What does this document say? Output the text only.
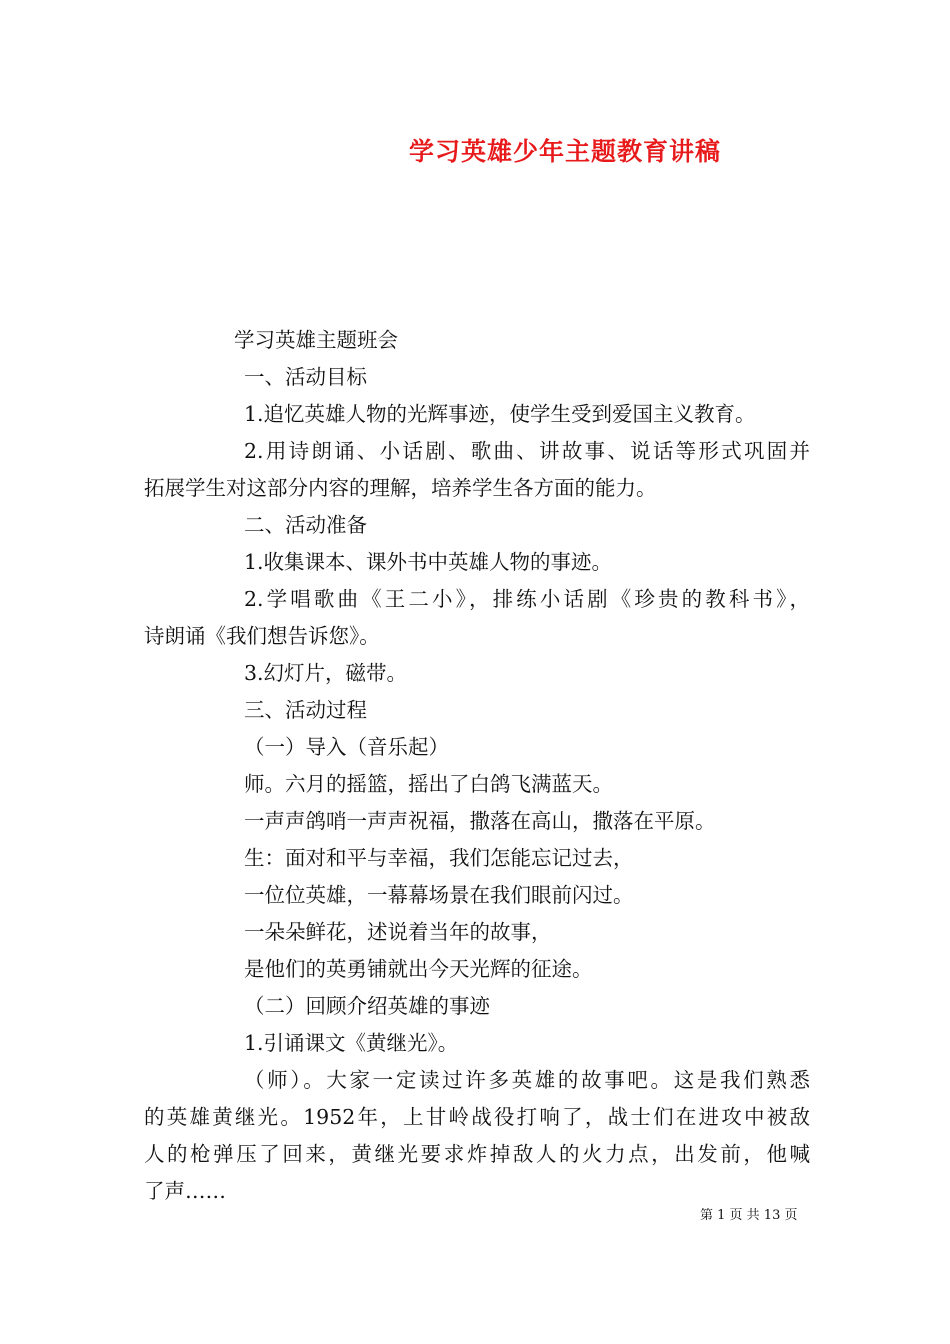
学习英雄少年主题教育讲稿
学习英雄主题班会
一、活动目标
1.追忆英雄人物的光辉事迹，使学生受到爱国主义教育。
2.用诗朗诵、小话剧、歌曲、讲故事、说话等形式巩固并
拓展学生对这部分内容的理解，培养学生各方面的能力。
二、活动准备
1.收集课本、课外书中英雄人物的事迹。
2.学唱歌曲《王二小》，排练小话剧《珍贵的教科书》，
诗朗诵《我们想告诉您》。
3.幻灯片，磁带。
三、活动过程
（一）导入（音乐起）
师。六月的摇篮，摇出了白鸽飞满蓝天。
一声声鸽哨一声声祝福，撒落在高山，撒落在平原。
生：面对和平与幸福，我们怎能忘记过去，
一位位英雄，一幕幕场景在我们眼前闪过。
一朵朵鲜花，述说着当年的故事，
是他们的英勇铺就出今天光辉的征途。
（二）回顾介绍英雄的事迹
1.引诵课文《黄继光》。
（师）。大家一定读过许多英雄的故事吧。这是我们熟悉
的英雄黄继光。1952年，上甘岭战役打响了，战士们在进攻中被敌
人的枪弹压了回来，黄继光要求炸掉敌人的火力点，出发前，他喊
了声……
第 1 页 共 13 页
